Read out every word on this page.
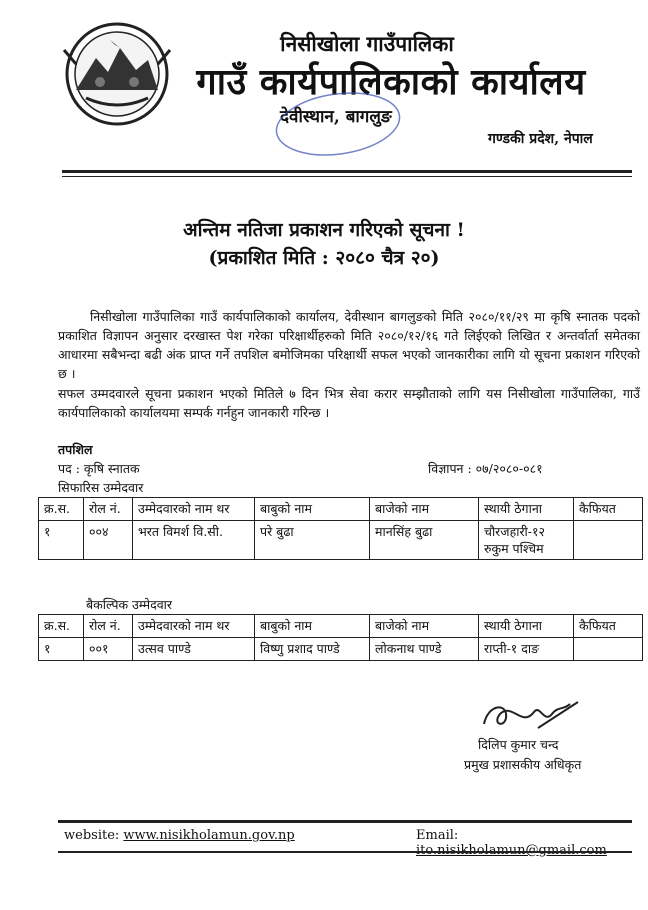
निसीखोला गाउँपालिका
गाउँ कार्यपालिकाको कार्यालय
देवीस्थान, बागलुङ
गण्डकी प्रदेश, नेपाल
अन्तिम नतिजा प्रकाशन गरिएको सूचना !
(प्रकाशित मिति : २०८० चैत्र २०)
निसीखोला गाउँपालिका गाउँ कार्यपालिकाको कार्यालय, देवीस्थान बागलुङको मिति २०८०/११/२९ मा कृषि स्नातक पदको प्रकाशित विज्ञापन अनुसार दरखास्त पेश गरेका परिक्षार्थीहरुको मिति २०८०/१२/१६ गते लिईएको लिखित र अन्तर्वार्ता समेतका आधारमा सबैभन्दा बढी अंक प्राप्त गर्ने तपशिल बमोजिमका परिक्षार्थी सफल भएको जानकारीका लागि यो सूचना प्रकाशन गरिएको छ ।
सफल उम्मदवारले सूचना प्रकाशन भएको मितिले ७ दिन भित्र सेवा करार सम्झौताको लागि यस निसीखोला गाउँपालिका, गाउँ कार्यपालिकाको कार्यालयमा सम्पर्क गर्नहुन जानकारी गरिन्छ ।
तपशिल
पद : कृषि स्नातक	विज्ञापन : ०७/२०८०-०८१
सिफारिस उम्मेदवार
क्र.स.	रोल नं.	उम्मेदवारको नाम थर	बाबुको नाम	बाजेको नाम	स्थायी ठेगाना	कैफियत
१	००४	भरत विमर्श वि.सी.	परे बुढा	मानसिंह बुढा	चौरजहारी-१२ रुकुम पश्चिम	
बैकल्पिक उम्मेदवार
क्र.स.	रोल नं.	उम्मेदवारको नाम थर	बाबुको नाम	बाजेको नाम	स्थायी ठेगाना	कैफियत
१	००१	उत्सव पाण्डे	विष्णु प्रशाद पाण्डे	लोकनाथ पाण्डे	राप्ती-१ दाङ	
दिलिप कुमार चन्द
प्रमुख प्रशासकीय अधिकृत
website: www.nisikholamun.gov.np	Email: ito.nisikholamun@gmail.com
